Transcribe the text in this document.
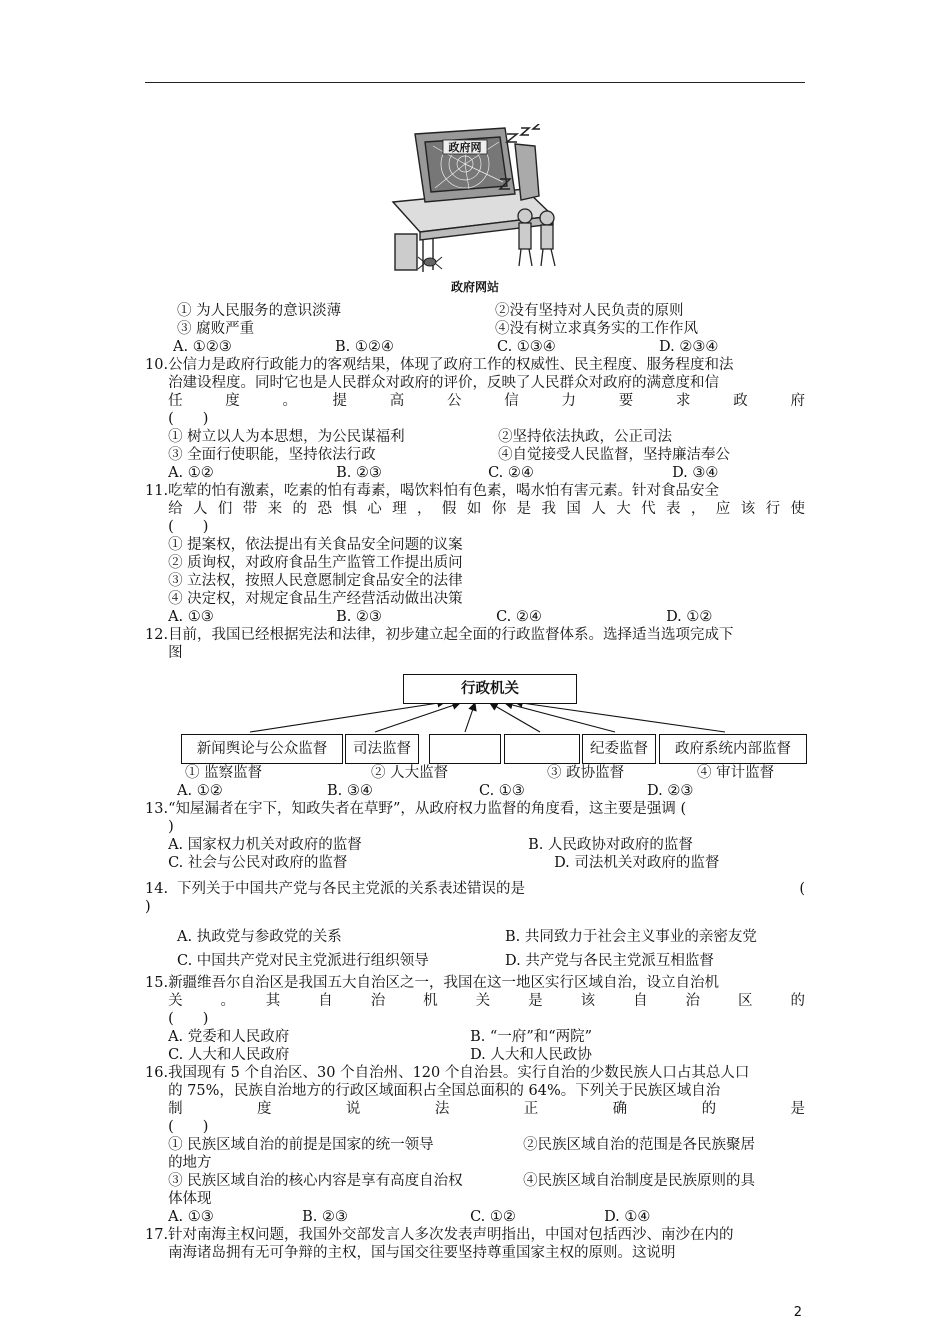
政府网
政府网站
① 为人民服务的意识淡薄	②没有坚持对人民负责的原则
③ 腐败严重	④没有树立求真务实的工作作风
A. ①②③	B. ①②④	C. ①③④	D. ②③④
10. 公信力是政府行政能力的客观结果，体现了政府工作的权威性、民主程度、服务程度和法
治建设程度。同时它也是人民群众对政府的评价，反映了人民群众对政府的满意度和信
任　度　。　提　高　公　信　力　要　求　政　府
(　　)
① 树立以人为本思想，为公民谋福利	②坚持依法执政，公正司法
③ 全面行使职能，坚持依法行政	④自觉接受人民监督，坚持廉洁奉公
A. ①②	B. ②③	C. ②④	D. ③④
11. 吃荤的怕有激素，吃素的怕有毒素，喝饮料怕有色素，喝水怕有害元素。针对食品安全
给人们带来的恐惧心理，假如你是我国人大代表，应该行使
(　　)
① 提案权，依法提出有关食品安全问题的议案
② 质询权，对政府食品生产监管工作提出质问
③ 立法权，按照人民意愿制定食品安全的法律
④ 决定权，对规定食品生产经营活动做出决策
A. ①③	B. ②③	C. ②④	D. ①②
12. 目前，我国已经根据宪法和法律，初步建立起全面的行政监督体系。选择适当选项完成下
图
行政机关
新闻舆论与公众监督	司法监督	纪委监督	政府系统内部监督
① 监察监督	② 人大监督	③ 政协监督	④ 审计监督
A. ①②	B. ③④	C. ①③	D. ②③
13. “知屋漏者在宇下，知政失者在草野”，从政府权力监督的角度看，这主要是强调 (
)
A. 国家权力机关对政府的监督	B. 人民政协对政府的监督
C. 社会与公民对政府的监督	D. 司法机关对政府的监督
14. 下列关于中国共产党与各民主党派的关系表述错误的是	(
)
A. 执政党与参政党的关系	B. 共同致力于社会主义事业的亲密友党
C. 中国共产党对民主党派进行组织领导	D. 共产党与各民主党派互相监督
15. 新疆维吾尔自治区是我国五大自治区之一，我国在这一地区实行区域自治，设立自治机
关　。　其　自　治　机　关　是　该　自　治　区　的
(　　)
A. 党委和人民政府	B. “一府”和“两院”
C. 人大和人民政府	D. 人大和人民政协
16. 我国现有 5 个自治区、30 个自治州、120 个自治县。实行自治的少数民族人口占其总人口
的 75%，民族自治地方的行政区域面积占全国总面积的 64%。下列关于民族区域自治
制　　度　　说　　法　　正　　确　　的　　是
(　　)
① 民族区域自治的前提是国家的统一领导	②民族区域自治的范围是各民族聚居
的地方
③ 民族区域自治的核心内容是享有高度自治权	④民族区域自治制度是民族原则的具
体体现
A. ①③	B. ②③	C. ①②	D. ①④
17. 针对南海主权问题，我国外交部发言人多次发表声明指出，中国对包括西沙、南沙在内的
南海诸岛拥有无可争辩的主权，国与国交往要坚持尊重国家主权的原则。这说明
2
